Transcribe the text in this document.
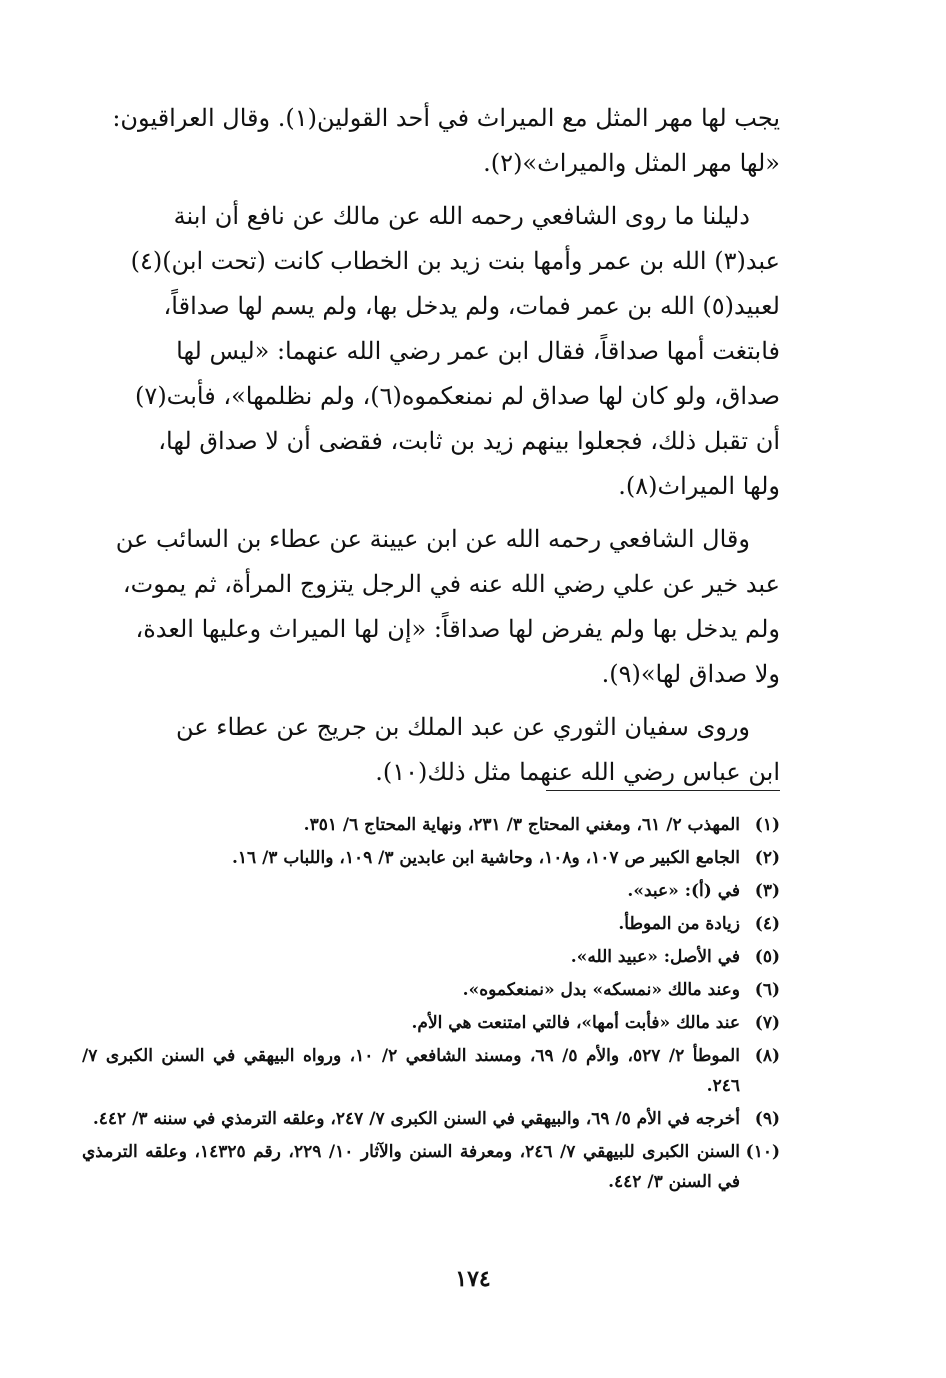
يجب لها مهر المثل مع الميراث في أحد القولين(١). وقال العراقيون:
«لها مهر المثل والميراث»(٢).

دليلنا ما روى الشافعي رحمه الله عن مالك عن نافع أن ابنة
عبد(٣) الله بن عمر وأمها بنت زيد بن الخطاب كانت (تحت ابن)(٤)
لعبيد(٥) الله بن عمر فمات، ولم يدخل بها، ولم يسم لها صداقاً،
فابتغت أمها صداقاً، فقال ابن عمر رضي الله عنهما: «ليس لها
صداق، ولو كان لها صداق لم نمنعكموه(٦)، ولم نظلمها»، فأبت(٧)
أن تقبل ذلك، فجعلوا بينهم زيد بن ثابت، فقضى أن لا صداق لها،
ولها الميراث(٨).

وقال الشافعي رحمه الله عن ابن عيينة عن عطاء بن السائب عن
عبد خير عن علي رضي الله عنه في الرجل يتزوج المرأة، ثم يموت،
ولم يدخل بها ولم يفرض لها صداقاً: «إن لها الميراث وعليها العدة،
ولا صداق لها»(٩).

وروى سفيان الثوري عن عبد الملك بن جريج عن عطاء عن
ابن عباس رضي الله عنهما مثل ذلك(١٠).

(١)
المهذب ٢/ ٦١، ومغني المحتاج ٣/ ٢٣١، ونهاية المحتاج ٦/ ٣٥١.
(٢)
الجامع الكبير ص ١٠٧، و١٠٨، وحاشية ابن عابدين ٣/ ١٠٩، واللباب ٣/ ١٦.
(٣)
في (أ): «عبد».
(٤)
زيادة من الموطأ.
(٥)
في الأصل: «عبيد الله».
(٦)
وعند مالك «نمسكه» بدل «نمنعكموه».
(٧)
عند مالك «فأبت أمها»، فالتي امتنعت هي الأم.
(٨)
الموطأ ٢/ ٥٢٧، والأم ٥/ ٦٩، ومسند الشافعي ٢/ ١٠، ورواه البيهقي في السنن الكبرى ٧/ ٢٤٦.
(٩)
أخرجه في الأم ٥/ ٦٩، والبيهقي في السنن الكبرى ٧/ ٢٤٧، وعلقه الترمذي في سننه ٣/ ٤٤٢.
(١٠)
السنن الكبرى للبيهقي ٧/ ٢٤٦، ومعرفة السنن والآثار ١٠/ ٢٢٩، رقم ١٤٣٢٥، وعلقه الترمذي في السنن ٣/ ٤٤٢.
١٧٤
